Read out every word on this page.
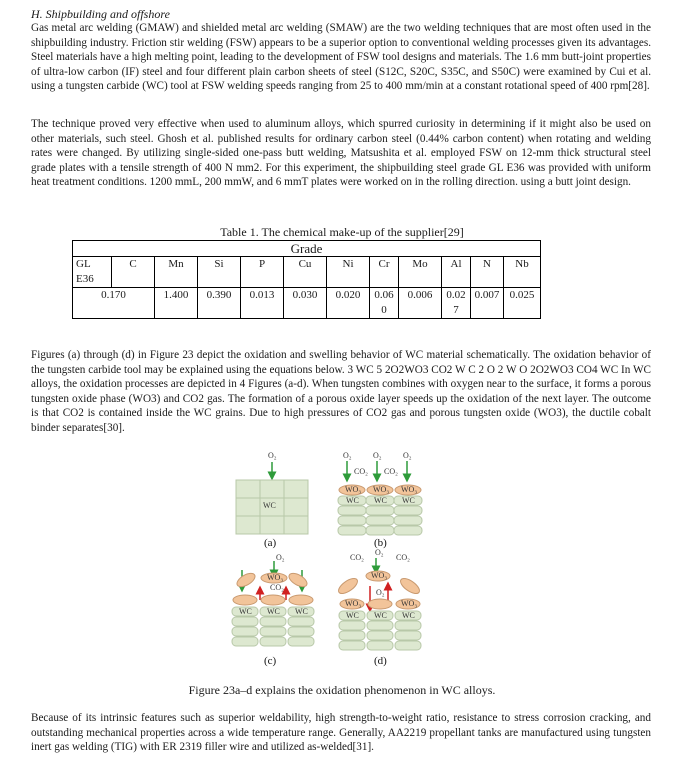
H. Shipbuilding and offshore

Gas metal arc welding (GMAW) and shielded metal arc welding (SMAW) are the two welding techniques that are most often used in the shipbuilding industry. Friction stir welding (FSW) appears to be a superior option to conventional welding processes given its advantages. Steel materials have a high melting point, leading to the development of FSW tool designs and materials. The 1.6 mm butt-joint properties of ultra-low carbon (IF) steel and four different plain carbon sheets of steel (S12C, S20C, S35C, and S50C) were examined by Cui et al. using a tungsten carbide (WC) tool at FSW welding speeds ranging from 25 to 400 mm/min at a constant rotational speed of 400 rpm[28].

The technique proved very effective when used to aluminum alloys, which spurred curiosity in determining if it might also be used on other materials, such steel. Ghosh et al. published results for ordinary carbon steel (0.44% carbon content) when rotating and welding rates were changed. By utilizing single-sided one-pass butt welding, Matsushita et al. employed FSW on 12-mm thick structural steel grade plates with a tensile strength of 400 N mm2. For this experiment, the shipbuilding steel grade GL E36 was provided with uniform heat treatment conditions. 1200 mmL, 200 mmW, and 6 mmT plates were worked on in the rolling direction. using a butt joint design.

Table 1. The chemical make-up of the supplier[29]
Grade											
GL E36	C	Mn	Si	P	Cu	Ni	Cr	Mo	Al	N	Nb
0.170		1.400	0.390	0.013	0.030	0.020	0.06 0	0.006	0.02 7	0.007	0.025

Figures (a) through (d) in Figure 23 depict the oxidation and swelling behavior of WC material schematically. The oxidation behavior of the tungsten carbide tool may be explained using the equations below. 3 WC 5 2O2WO3 CO2 W C 2 O 2 W O 2O2WO3 CO4 WC In WC alloys, the oxidation processes are depicted in 4 Figures (a-d). When tungsten combines with oxygen near to the surface, it forms a porous tungsten oxide phase (WO3) and CO2 gas. The formation of a porous oxide layer speeds up the oxidation of the next layer. The outcome is that CO2 is contained inside the WC grains. Due to high pressures of CO2 gas and porous tungsten oxide (WO3), the ductile cobalt binder separates[30].

O₂
WC
(a)
O₂	O₂	O₂
CO₂ CO₂
WO₃ WO₃ WO₃
WC WC WC
(b)
O₂
WO₃
CO₂
WC WC WC
(c)
CO₂
O₂
CO₂
WO₃
O₂
WO₃	WO₃
WC WC WC
(d)
Figure 23a–d explains the oxidation phenomenon in WC alloys.

Because of its intrinsic features such as superior weldability, high strength-to-weight ratio, resistance to stress corrosion cracking, and outstanding mechanical properties across a wide temperature range. Generally, AA2219 propellant tanks are manufactured using tungsten inert gas welding (TIG) with ER 2319 filler wire and utilized as-welded[31].
